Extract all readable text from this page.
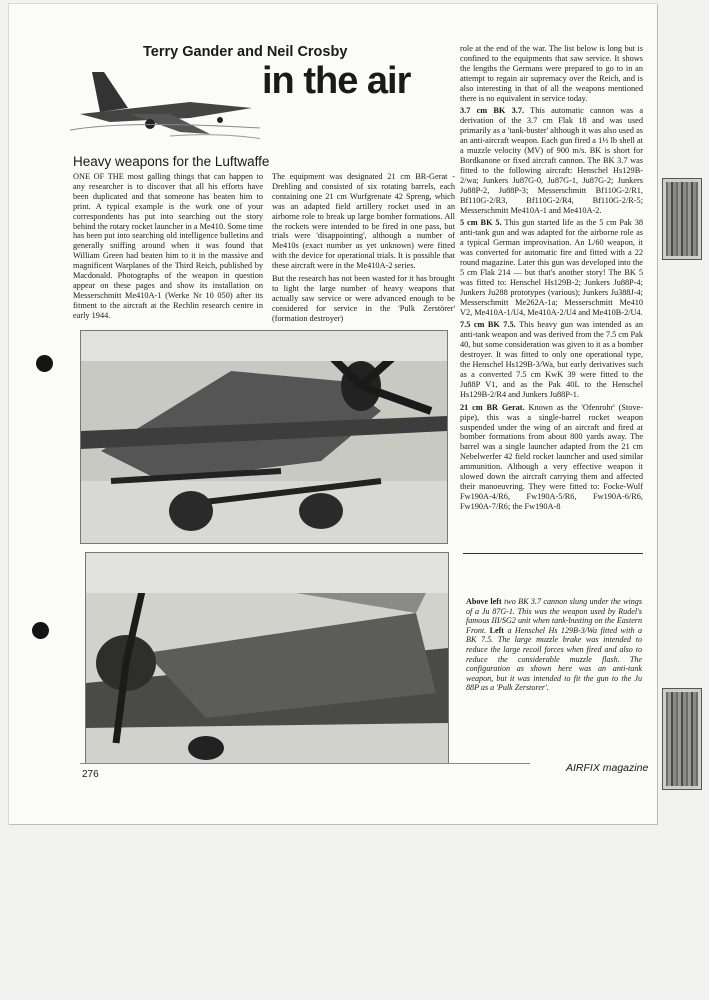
Terry Gander and Neil Crosby
in the air
Heavy weapons for the Luftwaffe

ONE OF THE most galling things that can happen to any researcher is to discover that all his efforts have been duplicated and that someone has beaten him to print. A typical example is the work one of your correspondents has put into searching out the story behind the rotary rocket launcher in a Me410. Some time has been put into searching old intelligence bulletins and generally sniffing around when it was found that William Green had beaten him to it in the massive and magnificent Warplanes of the Third Reich, published by Macdonald. Photographs of the weapon in question appear on these pages and show its installation on Messerschmitt Me410A-1 (Werke Nr 10 050) after its fitment to the aircraft at the Rechlin research centre in early 1944.

The equipment was designated 21 cm BR-Gerat - Drehling and consisted of six rotating barrels, each containing one 21 cm Wurfgrenate 42 Spreng, which was an adapted field artillery rocket used in an airborne role to break up large bomber formations. All the rockets were intended to be fired in one pass, but trials were 'disappointing', although a number of Me410s (exact number as yet unknown) were fitted with the device for operational trials. It is possible that these aircraft were in the Me410A-2 series.

But the research has not been wasted for it has brought to light the large number of heavy weapons that actually saw service or were advanced enough to be considered for service in the 'Pulk Zerstörer' (formation destroyer)

role at the end of the war. The list below is long but is confined to the equipments that saw service. It shows the lengths the Germans were prepared to go to in an attempt to regain air supremacy over the Reich, and is also interesting in that of all the weapons mentioned there is no equivalent in service today.

3.7 cm BK 3.7. This automatic cannon was a derivation of the 3.7 cm Flak 18 and was used primarily as a 'tank-buster' although it was also used as an anti-aircraft weapon. Each gun fired a 1½ lb shell at a muzzle velocity (MV) of 900 m/s. BK is short for Bordkanone or fixed aircraft cannon. The BK 3.7 was fitted to the following aircraft: Henschel Hs129B-2/wa; Junkers Ju87G-0, Ju87G-1, Ju87G-2; Junkers Ju88P-2, Ju88P-3; Messerschmitt Bf110G-2/R1, Bf110G-2/R3, Bf110G-2/R4, Bf110G-2/R-5; Messerschmitt Me410A-1 and Me410A-2.

5 cm BK 5. This gun started life as the 5 cm Pak 38 anti-tank gun and was adapted for the airborne role as a typical German improvisation. An L/60 weapon, it was converted for automatic fire and fitted with a 22 round magazine. Later this gun was developed into the 5 cm Flak 214 — but that's another story! The BK 5 was fitted to: Henschel Hs129B-2; Junkers Ju88P-4; Junkers Ju288 prototypes (various); Junkers Ju388J-4; Messerschmitt Me262A-1a; Messerschmitt Me410 V2, Me410A-1/U4, Me410A-2/U4 and Me410B-2/U4.

7.5 cm BK 7.5. This heavy gun was intended as an anti-tank weapon and was derived from the 7.5 cm Pak 40, but some consideration was given to it as a bomber destroyer. It was fitted to only one operational type, the Henschel Hs129B-3/Wa, but early derivatives such as a converted 7.5 cm KwK 39 were fitted to the Ju88P V1, and as the Pak 40L to the Henschel Hs129B-2/R4 and Junkers Ju88P-1.

21 cm BR Gerat. Known as the 'Ofenrohr' (Stove-pipe), this was a single-barrel rocket weapon suspended under the wing of an aircraft and fired at bomber formations from about 800 yards away. The barrel was a single launcher adapted from the 21 cm Nebelwerfer 42 field rocket launcher and used similar ammunition. Although a very effective weapon it slowed down the aircraft carrying them and affected their manoeuvring. They were fitted to: Focke-Wulf Fw190A-4/R6, Fw190A-5/R6, Fw190A-6/R6, Fw190A-7/R6; the Fw190A-8

Above left two BK 3.7 cannon slung under the wings of a Ju 87G-1. This was the weapon used by Rudel's famous III/SG2 unit when tank-busting on the Eastern Front. Left a Henschel Hs 129B-3/Wa fitted with a BK 7.5. The large muzzle brake was intended to reduce the large recoil forces when fired and also to reduce the considerable muzzle flash. The configuration as shown here was an anti-tank weapon, but it was intended to fit the gun to the Ju 88P as a 'Pulk Zerstorer'.
276
AIRFIX magazine
